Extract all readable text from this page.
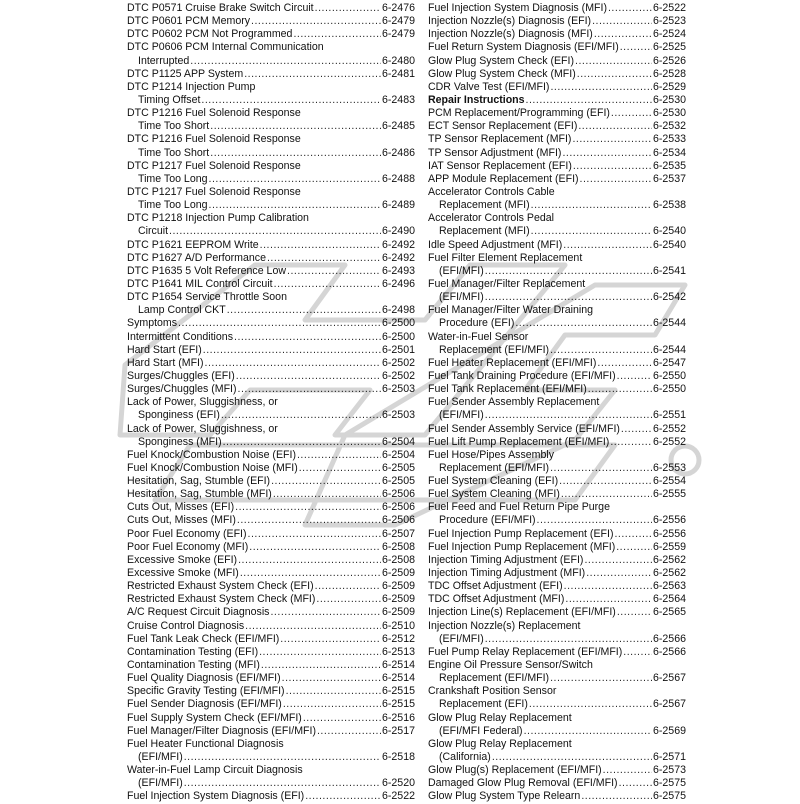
DTC P0571 Cruise Brake Switch Circuit .....	6-2476
DTC P0601 PCM Memory .....	6-2479
DTC P0602 PCM Not Programmed .....	6-2479
DTC P0606 PCM Internal Communication
Interrupted .....	6-2480
DTC P1125 APP System .....	6-2481
DTC P1214 Injection Pump
Timing Offset .....	6-2483
DTC P1216 Fuel Solenoid Response
Time Too Short .....	6-2485
DTC P1216 Fuel Solenoid Response
Time Too Short .....	6-2486
DTC P1217 Fuel Solenoid Response
Time Too Long .....	6-2488
DTC P1217 Fuel Solenoid Response
Time Too Long .....	6-2489
DTC P1218 Injection Pump Calibration
Circuit .....	6-2490
DTC P1621 EEPROM Write .....	6-2492
DTC P1627 A/D Performance .....	6-2492
DTC P1635 5 Volt Reference Low .....	6-2493
DTC P1641 MIL Control Circuit .....	6-2496
DTC P1654 Service Throttle Soon
Lamp Control CKT .....	6-2498
Symptoms .....	6-2500
Intermittent Conditions .....	6-2500
Hard Start (EFI) .....	6-2501
Hard Start (MFI) .....	6-2502
Surges/Chuggles (EFI) .....	6-2502
Surges/Chuggles (MFI) .....	6-2503
Lack of Power, Sluggishness, or
Sponginess (EFI) .....	6-2503
Lack of Power, Sluggishness, or
Sponginess (MFI) .....	6-2504
Fuel Knock/Combustion Noise (EFI) .....	6-2504
Fuel Knock/Combustion Noise (MFI) .....	6-2505
Hesitation, Sag, Stumble (EFI) .....	6-2505
Hesitation, Sag, Stumble (MFI) .....	6-2506
Cuts Out, Misses (EFI) .....	6-2506
Cuts Out, Misses (MFI) .....	6-2506
Poor Fuel Economy (EFI) .....	6-2507
Poor Fuel Economy (MFI) .....	6-2508
Excessive Smoke (EFI) .....	6-2508
Excessive Smoke (MFI) .....	6-2509
Restricted Exhaust System Check (EFI) .....	6-2509
Restricted Exhaust System Check (MFI) .....	6-2509
A/C Request Circuit Diagnosis .....	6-2509
Cruise Control Diagnosis .....	6-2510
Fuel Tank Leak Check (EFI/MFI) .....	6-2512
Contamination Testing (EFI) .....	6-2513
Contamination Testing (MFI) .....	6-2514
Fuel Quality Diagnosis (EFI/MFI) .....	6-2514
Specific Gravity Testing (EFI/MFI) .....	6-2515
Fuel Sender Diagnosis (EFI/MFI) .....	6-2515
Fuel Supply System Check (EFI/MFI) .....	6-2516
Fuel Manager/Filter Diagnosis (EFI/MFI) .....	6-2517
Fuel Heater Functional Diagnosis
(EFI/MFI) .....	6-2518
Water-in-Fuel Lamp Circuit Diagnosis
(EFI/MFI) .....	6-2520
Fuel Injection System Diagnosis (EFI) .....	6-2522
Fuel Injection System Diagnosis (MFI) .....	6-2522
Injection Nozzle(s) Diagnosis (EFI) .....	6-2523
Injection Nozzle(s) Diagnosis (MFI) .....	6-2524
Fuel Return System Diagnosis (EFI/MFI) .....	6-2525
Glow Plug System Check (EFI) .....	6-2526
Glow Plug System Check (MFI) .....	6-2528
CDR Valve Test (EFI/MFI) .....	6-2529
Repair Instructions .....	6-2530
PCM Replacement/Programming (EFI) .....	6-2530
ECT Sensor Replacement (EFI) .....	6-2532
TP Sensor Replacement (MFI) .....	6-2533
TP Sensor Adjustment (MFI) .....	6-2534
IAT Sensor Replacement (EFI) .....	6-2535
APP Module Replacement (EFI) .....	6-2537
Accelerator Controls Cable
Replacement (MFI) .....	6-2538
Accelerator Controls Pedal
Replacement (MFI) .....	6-2540
Idle Speed Adjustment (MFI) .....	6-2540
Fuel Filter Element Replacement
(EFI/MFI) .....	6-2541
Fuel Manager/Filter Replacement
(EFI/MFI) .....	6-2542
Fuel Manager/Filter Water Draining
Procedure (EFI) .....	6-2544
Water-in-Fuel Sensor
Replacement (EFI/MFI) .....	6-2544
Fuel Heater Replacement (EFI/MFI) .....	6-2547
Fuel Tank Draining Procedure (EFI/MFI) .....	6-2550
Fuel Tank Replacement (EFI/MFI) .....	6-2550
Fuel Sender Assembly Replacement
(EFI/MFI) .....	6-2551
Fuel Sender Assembly Service (EFI/MFI) .....	6-2552
Fuel Lift Pump Replacement (EFI/MFI) .....	6-2552
Fuel Hose/Pipes Assembly
Replacement (EFI/MFI) .....	6-2553
Fuel System Cleaning (EFI) .....	6-2554
Fuel System Cleaning (MFI) .....	6-2555
Fuel Feed and Fuel Return Pipe Purge
Procedure (EFI/MFI) .....	6-2556
Fuel Injection Pump Replacement (EFI) .....	6-2556
Fuel Injection Pump Replacement (MFI) .....	6-2559
Injection Timing Adjustment (EFI) .....	6-2562
Injection Timing Adjustment (MFI) .....	6-2562
TDC Offset Adjustment (EFI) .....	6-2563
TDC Offset Adjustment (MFI) .....	6-2564
Injection Line(s) Replacement (EFI/MFI) .....	6-2565
Injection Nozzle(s) Replacement
(EFI/MFI) .....	6-2566
Fuel Pump Relay Replacement (EFI/MFI) .....	6-2566
Engine Oil Pressure Sensor/Switch
Replacement (EFI/MFI) .....	6-2567
Crankshaft Position Sensor
Replacement (EFI) .....	6-2567
Glow Plug Relay Replacement
(EFI/MFI Federal) .....	6-2569
Glow Plug Relay Replacement
(California) .....	6-2571
Glow Plug(s) Replacement (EFI/MFI) .....	6-2573
Damaged Glow Plug Removal (EFI/MFI) .....	6-2575
Glow Plug System Type Relearn .....	6-2575
